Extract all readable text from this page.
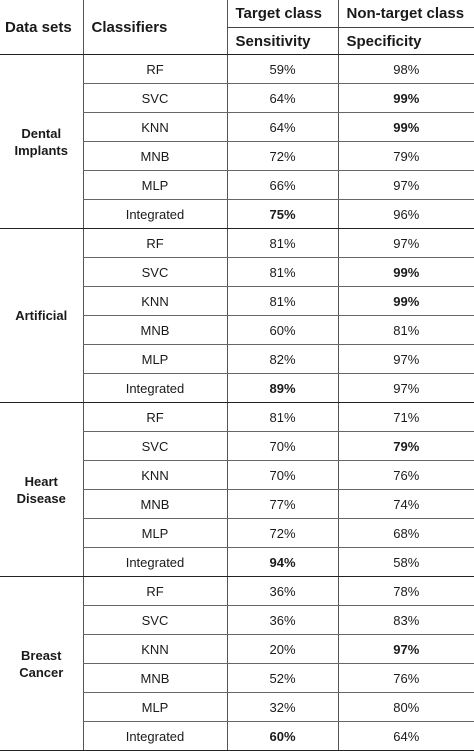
Data sets	Classifiers	Target class	Non-target class
		Sensitivity	Specificity
Dental Implants	RF	59%	98%
	SVC	64%	99%
	KNN	64%	99%
	MNB	72%	79%
	MLP	66%	97%
	Integrated	75%	96%
Artificial	RF	81%	97%
	SVC	81%	99%
	KNN	81%	99%
	MNB	60%	81%
	MLP	82%	97%
	Integrated	89%	97%
Heart Disease	RF	81%	71%
	SVC	70%	79%
	KNN	70%	76%
	MNB	77%	74%
	MLP	72%	68%
	Integrated	94%	58%
Breast Cancer	RF	36%	78%
	SVC	36%	83%
	KNN	20%	97%
	MNB	52%	76%
	MLP	32%	80%
	Integrated	60%	64%
